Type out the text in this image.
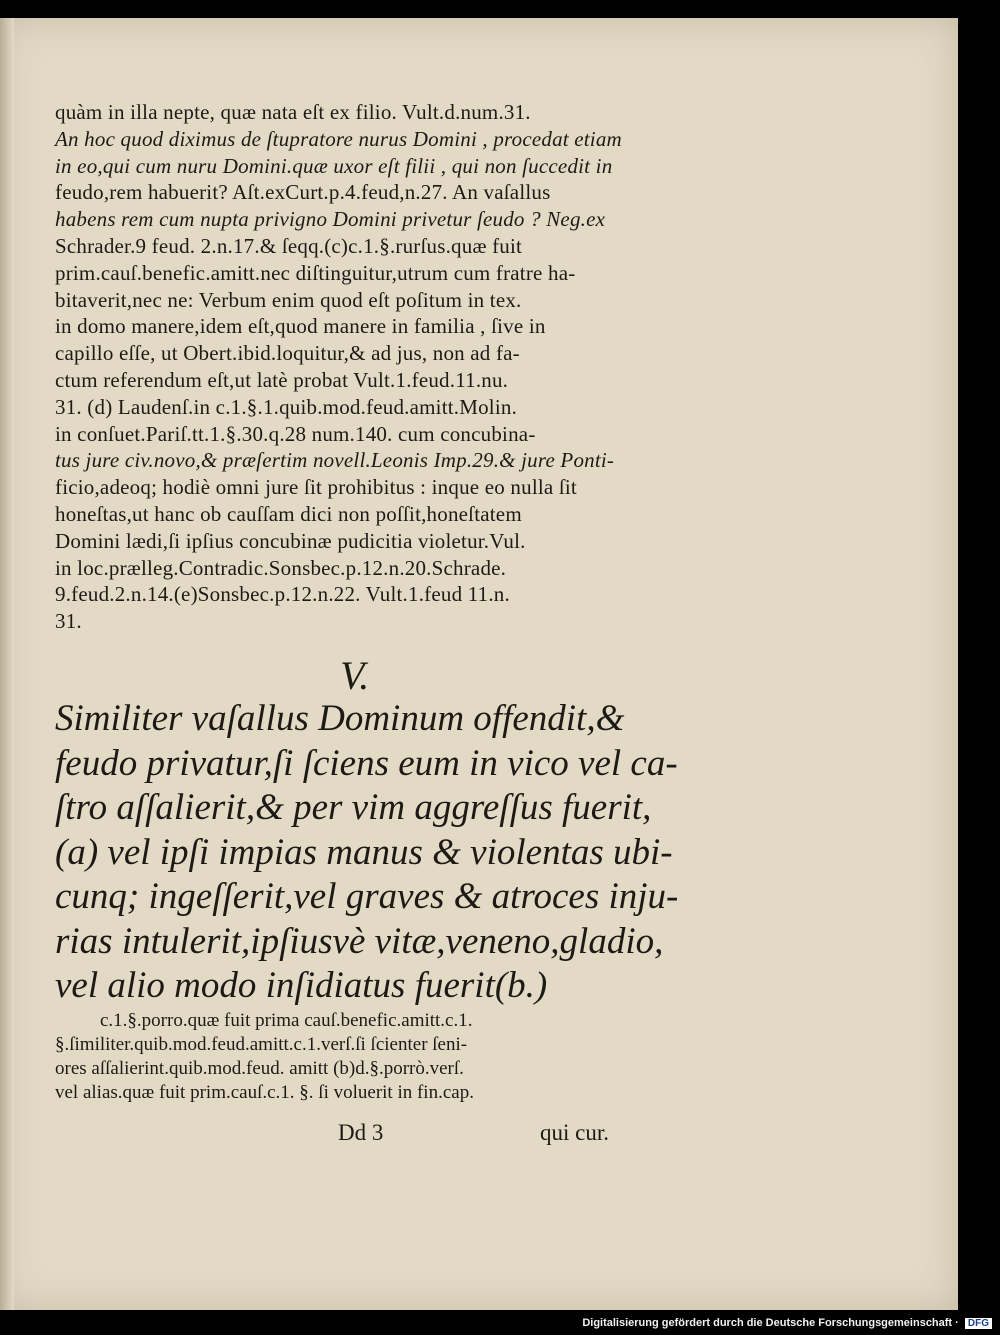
quàm in illa nepte, quæ nata eſt ex filio. Vult.d.num.31.
An hoc quod diximus de ſtupratore nurus Domini , procedat etiam
in eo,qui cum nuru Domini.quæ uxor eſt filii , qui non ſuccedit in
feudo,rem habuerit? Aſt.exCurt.p.4.feud,n.27. An vaſallus
habens rem cum nupta privigno Domini privetur ſeudo ? Neg.ex
Schrader.9 feud. 2.n.17.& ſeqq.(c)c.1.§.rurſus.quæ fuit
prim.cauſ.benefic.amitt.nec diſtinguitur,utrum cum fratre ha-
bitaverit,nec ne: Verbum enim quod eſt poſitum in tex.
in domo manere,idem eſt,quod manere in familia , ſive in
capillo eſſe, ut Obert.ibid.loquitur,& ad jus, non ad fa-
ctum referendum eſt,ut latè probat Vult.1.feud.11.nu.
31. (d) Laudenſ.in c.1.§.1.quib.mod.feud.amitt.Molin.
in conſuet.Pariſ.tt.1.§.30.q.28 num.140. cum concubina-
tus jure civ.novo,& præſertim novell.Leonis Imp.29.& jure Ponti-
ficio,adeoq; hodiè omni jure ſit prohibitus : inque eo nulla ſit
honeſtas,ut hanc ob cauſſam dici non poſſit,honeſtatem
Domini lædi,ſi ipſius concubinæ pudicitia violetur.Vul.
in loc.prælleg.Contradic.Sonsbec.p.12.n.20.Schrade.
9.feud.2.n.14.(e)Sonsbec.p.12.n.22. Vult.1.feud 11.n.
31.
V.
Similiter vaſallus Dominum offendit,&
feudo privatur,ſi ſciens eum in vico vel ca-
ſtro aſſalierit,& per vim aggreſſus fuerit,
(a) vel ipſi impias manus & violentas ubi-
cunq; ingeſſerit,vel graves & atroces inju-
rias intulerit,ipſiusvè vitæ,veneno,gladio,
vel alio modo inſidiatus fuerit(b.)
c.1.§.porro.quæ fuit prima cauſ.benefic.amitt.c.1.
§.ſimiliter.quib.mod.feud.amitt.c.1.verſ.ſi ſcienter ſeni-
ores aſſalierint.quib.mod.feud. amitt (b)d.§.porrò.verſ.
vel alias.quæ fuit prim.cauſ.c.1. §. ſi voluerit in fin.cap.
Dd 3	qui cur.
Digitalisierung gefördert durch die Deutsche Forschungsgemeinschaft · DFG
